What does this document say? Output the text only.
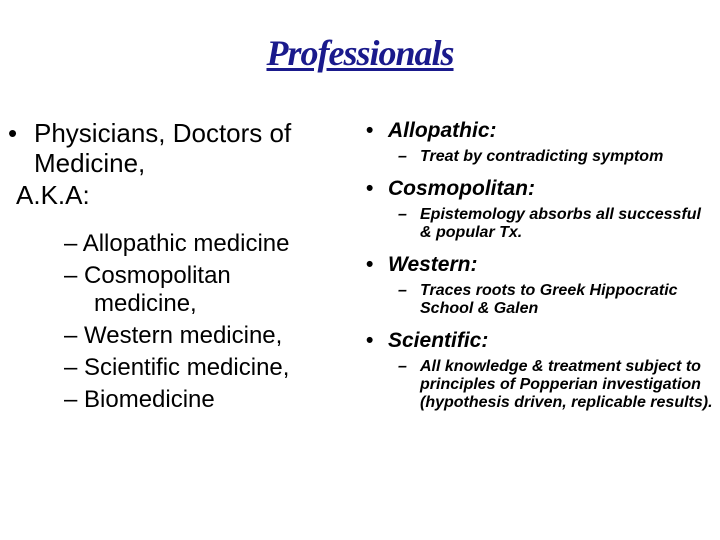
Professionals
• Physicians, Doctors of Medicine,
A.K.A:
– Allopathic medicine
– Cosmopolitan
medicine,
– Western medicine,
– Scientific medicine,
– Biomedicine
• Allopathic:
– Treat by contradicting symptom
• Cosmopolitan:
– Epistemology absorbs all successful & popular Tx.
• Western:
– Traces roots to Greek Hippocratic School & Galen
• Scientific:
– All knowledge & treatment subject to principles of Popperian investigation (hypothesis driven, replicable results).
